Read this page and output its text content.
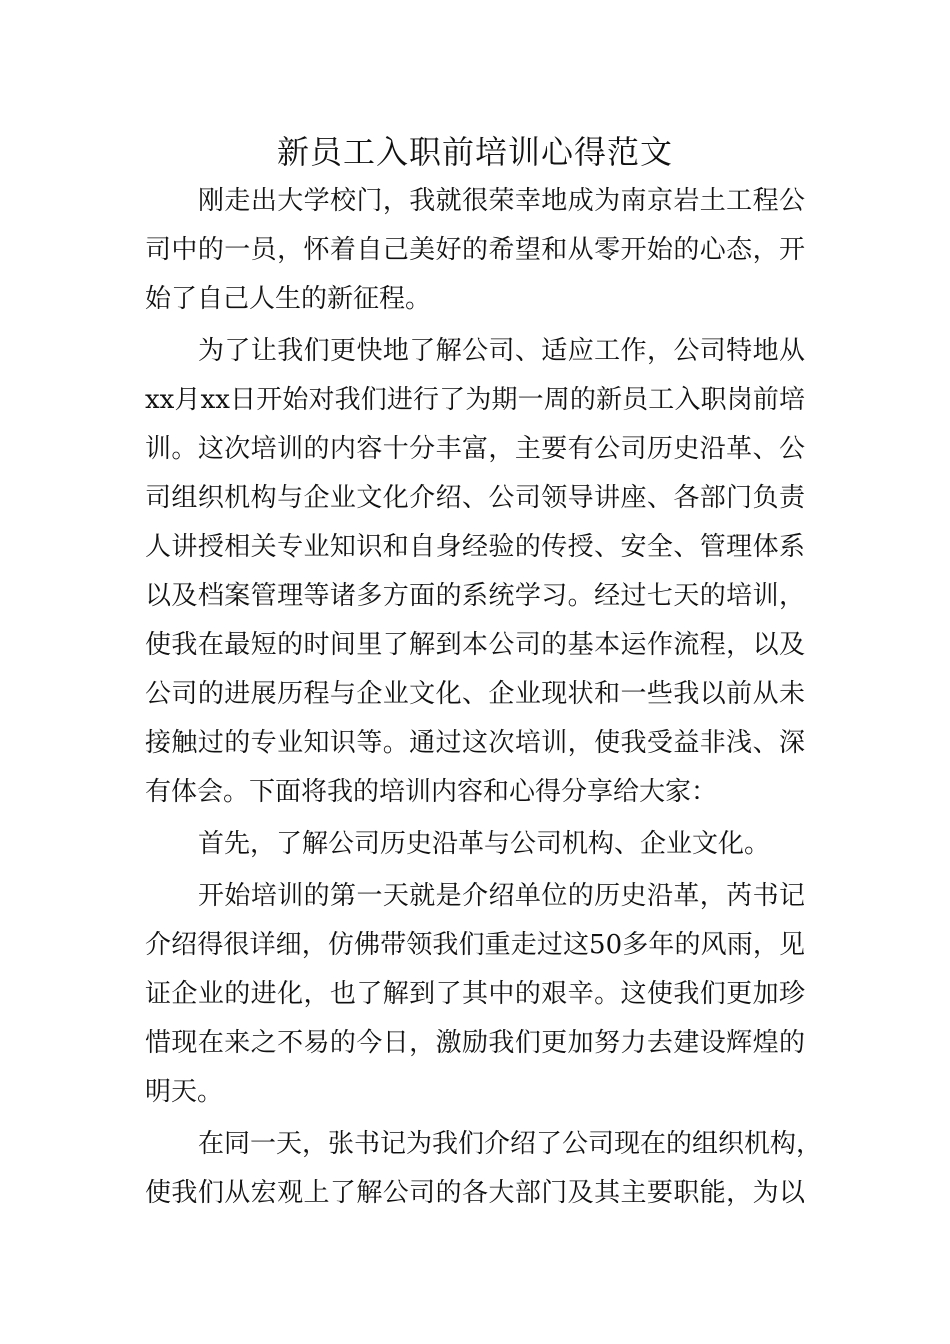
新员工入职前培训心得范文
刚走出大学校门，我就很荣幸地成为南京岩土工程公
司中的一员，怀着自己美好的希望和从零开始的心态，开
始了自己人生的新征程。
为了让我们更快地了解公司、适应工作，公司特地从
xx月xx日开始对我们进行了为期一周的新员工入职岗前培
训。这次培训的内容十分丰富，主要有公司历史沿革、公
司组织机构与企业文化介绍、公司领导讲座、各部门负责
人讲授相关专业知识和自身经验的传授、安全、管理体系
以及档案管理等诸多方面的系统学习。经过七天的培训，
使我在最短的时间里了解到本公司的基本运作流程，以及
公司的进展历程与企业文化、企业现状和一些我以前从未
接触过的专业知识等。通过这次培训，使我受益非浅、深
有体会。下面将我的培训内容和心得分享给大家：
首先，了解公司历史沿革与公司机构、企业文化。
开始培训的第一天就是介绍单位的历史沿革，芮书记
介绍得很详细，仿佛带领我们重走过这50多年的风雨，见
证企业的进化，也了解到了其中的艰辛。这使我们更加珍
惜现在来之不易的今日，激励我们更加努力去建设辉煌的
明天。
在同一天，张书记为我们介绍了公司现在的组织机构，
使我们从宏观上了解公司的各大部门及其主要职能，为以
